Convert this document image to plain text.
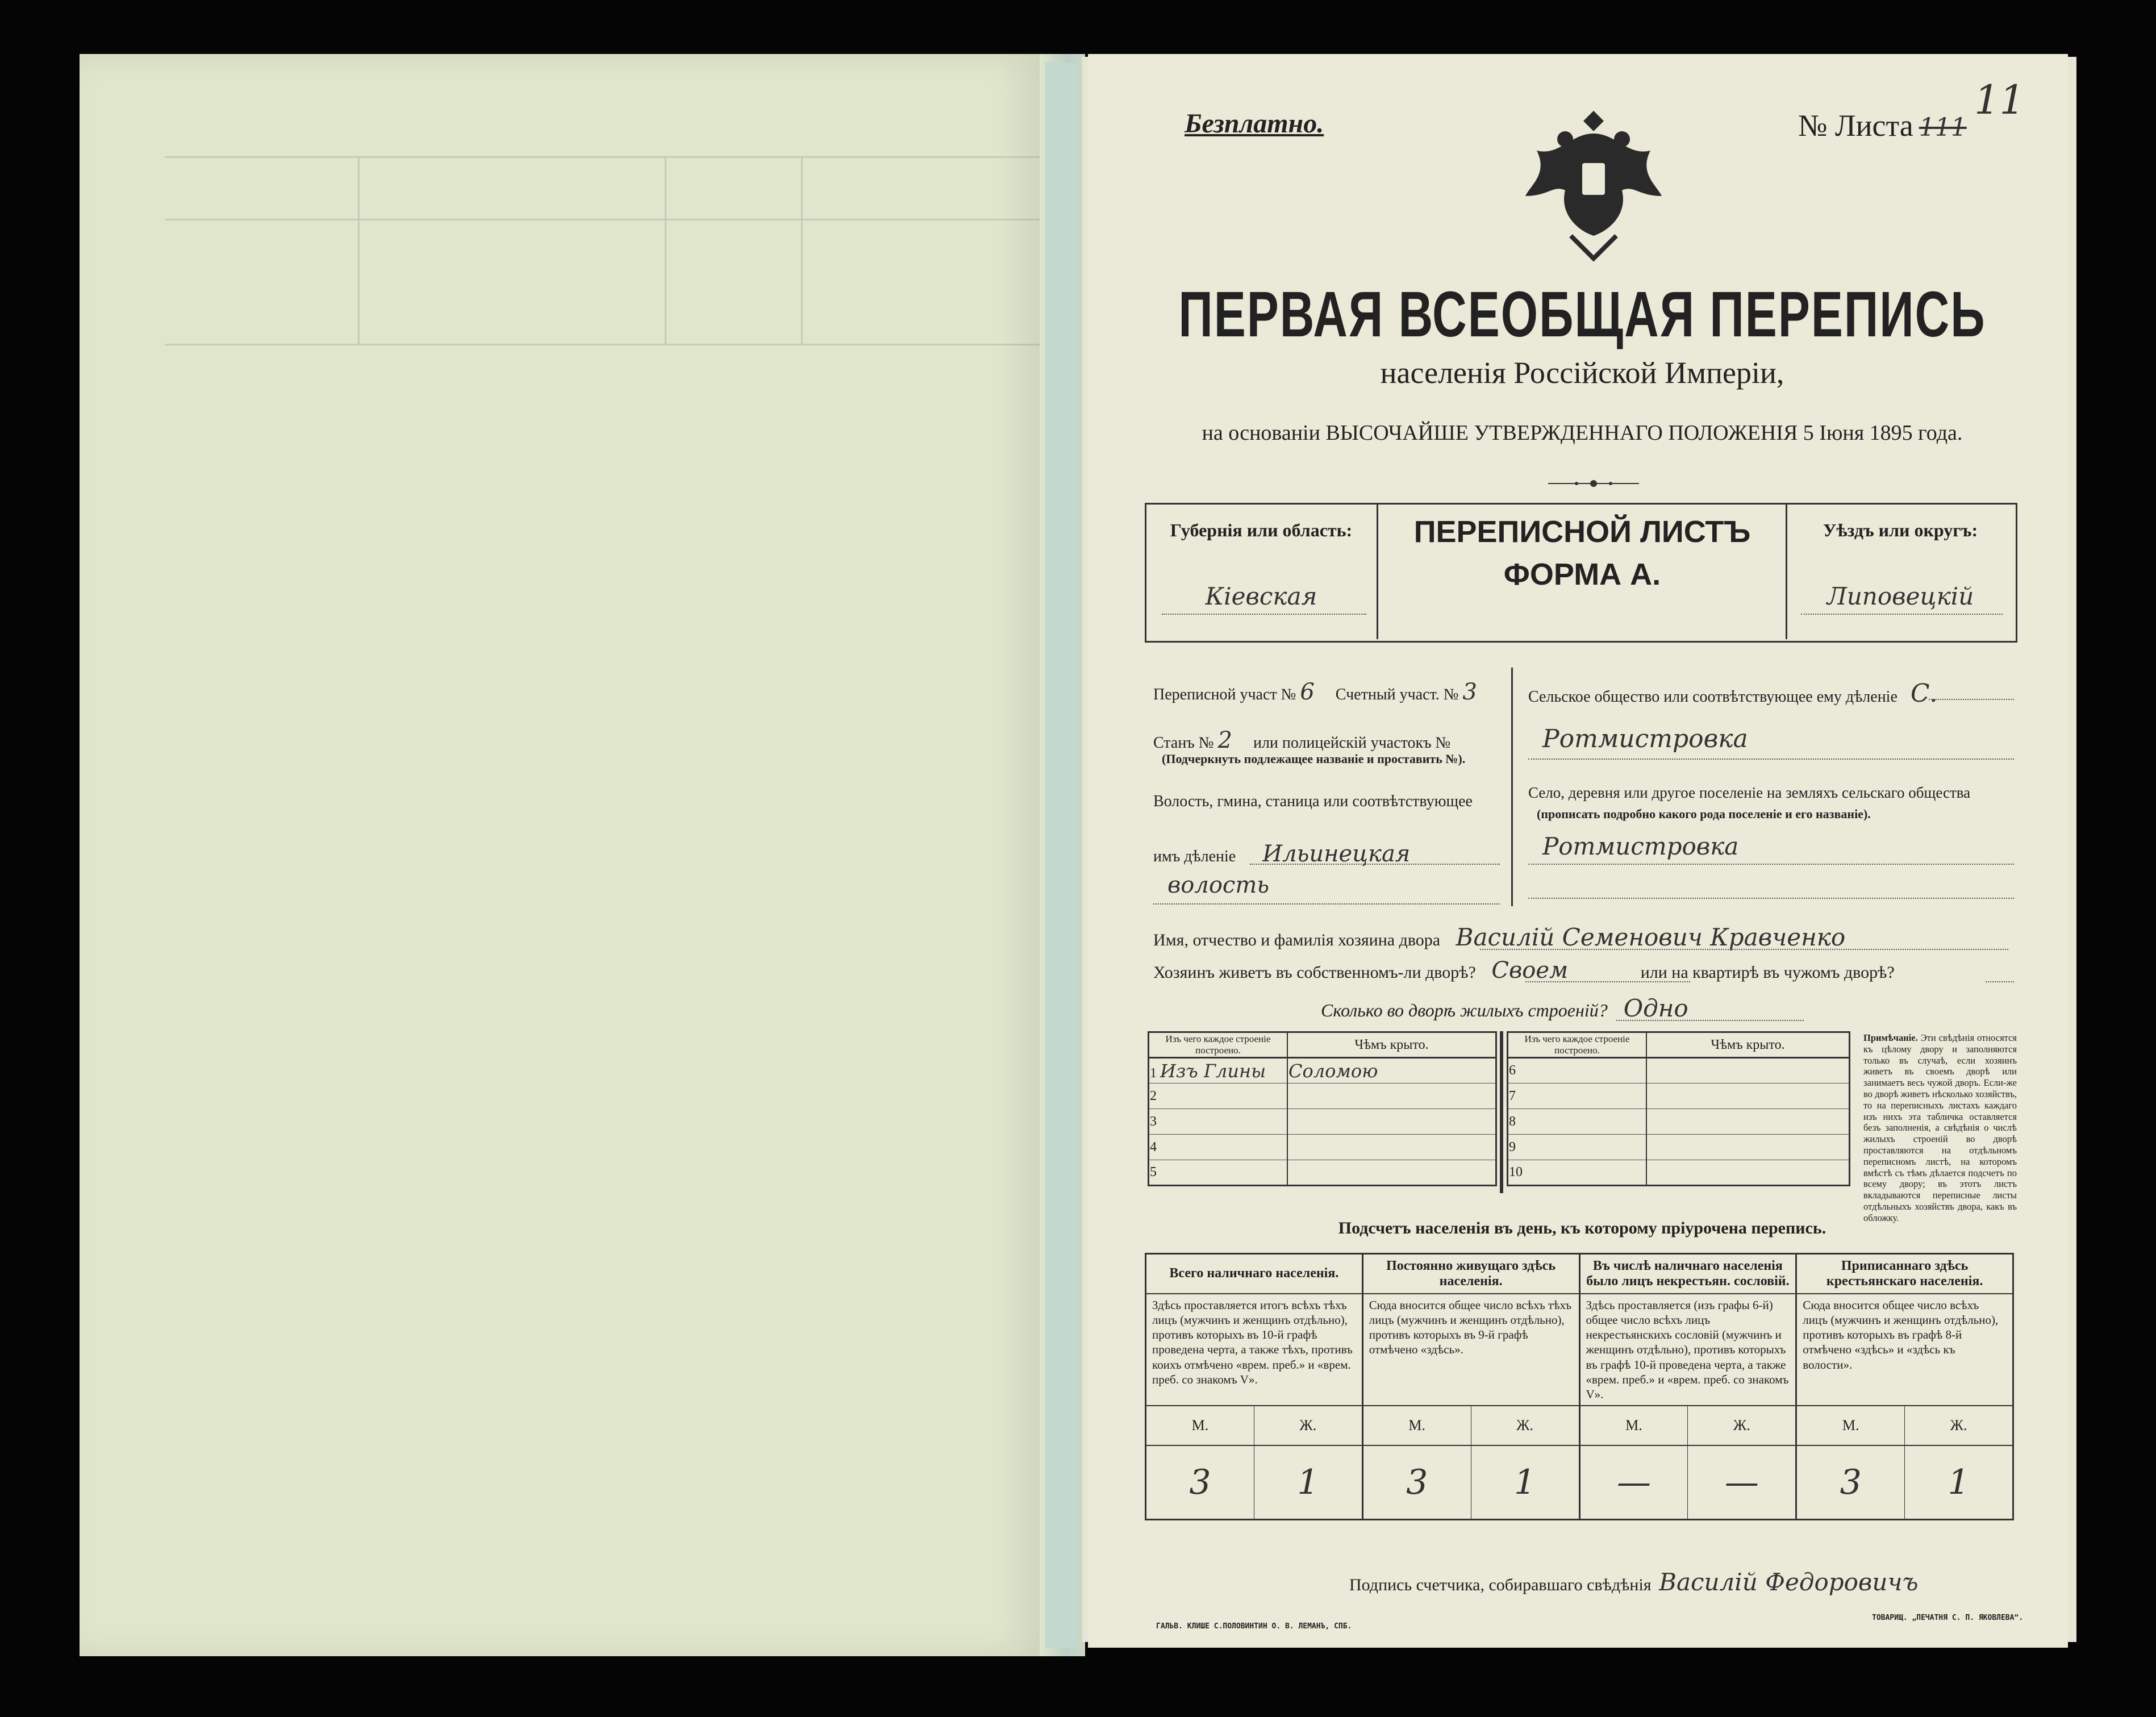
Безплатно.	№ Листа 111
11
ПЕРВАЯ ВСЕОБЩАЯ ПЕРЕПИСЬ
населенія Россійской Имперіи,
на основаніи ВЫСОЧАЙШЕ УТВЕРЖДЕННАГО ПОЛОЖЕНІЯ 5 Іюня 1895 года.
Губернія или область:
Кіевская
ПЕРЕПИСНОЙ ЛИСТЪ
ФОРМА А.
Уѣздъ или округъ:
Липовецкій
Переписной участ № 6 Счетный участ. № 3
Станъ № 2 или полицейскій участокъ №
(Подчеркнуть подлежащее названіе и проставить №).
Волость, гмина, станица или соотвѣтствующее
имъ дѣленіе Ильинецкая
волость
Сельское общество или соотвѣтствующее ему дѣленіе С.
Ротмистровка
Село, деревня или другое поселеніе на земляхъ сельскаго общества
(прописать подробно какого рода поселеніе и его названіе).
Ротмистровка
Имя, отчество и фамилія хозяина двора Василій Семенович Кравченко
Хозяинъ живетъ въ собственномъ-ли дворѣ? Своем	или на квартирѣ въ чужомъ дворѣ?
Сколько во дворѣ жилыхъ строеній? Одно
Изъ чего каждое строеніе построено.	Чѣмъ крыто.
1 Изъ Глины	Соломою
2	
3	
4	
5	
Изъ чего каждое строеніе построено.	Чѣмъ крыто.
6	
7	
8	
9	
10	
Примѣчаніе. Эти свѣдѣнія относятся къ цѣлому двору и заполняются только въ случаѣ, если хозяинъ живетъ въ своемъ дворѣ или занимаетъ весь чужой дворъ. Если-же во дворѣ живетъ нѣсколько хозяйствъ, то на переписныхъ листахъ каждаго изъ нихъ эта табличка оставляется безъ заполненія, а свѣдѣнія о числѣ жилыхъ строеній во дворѣ проставляются на отдѣльномъ переписномъ листѣ, на которомъ вмѣстѣ съ тѣмъ дѣлается подсчетъ по всему двору; въ этотъ листъ вкладываются переписные листы отдѣльныхъ хозяйствъ двора, какъ въ обложку.
Подсчетъ населенія въ день, къ которому пріурочена перепись.
Всего наличнаго населенія.		Постоянно живущаго здѣсь населенія.		Въ числѣ наличнаго населенія было лицъ некрестьян. сословій.		Приписаннаго здѣсь крестьянскаго населенія.	
Здѣсь проставляется итогъ всѣхъ тѣхъ лицъ (мужчинъ и женщинъ отдѣльно), противъ которыхъ въ 10-й графѣ проведена черта, а также тѣхъ, противъ коихъ отмѣчено «врем. преб.» и «врем. преб. со знакомъ V».		Сюда вносится общее число всѣхъ тѣхъ лицъ (мужчинъ и женщинъ отдѣльно), противъ которыхъ въ 9-й графѣ отмѣчено «здѣсь».		Здѣсь проставляется (изъ графы 6-й) общее число всѣхъ лицъ некрестьянскихъ сословій (мужчинъ и женщинъ отдѣльно), противъ которыхъ въ графѣ 10-й проведена черта, а также «врем. преб.» и «врем. преб. со знакомъ V».		Сюда вносится общее число всѣхъ лицъ (мужчинъ и женщинъ отдѣльно), противъ которыхъ въ графѣ 8-й отмѣчено «здѣсь» и «здѣсь къ волости».	
М.	Ж.	М.	Ж.	М.	Ж.	М.	Ж.
3	1	3	1	—	—	3	1
Подпись счетчика, собиравшаго свѣдѣнія Василій Федоровичъ
ГАЛЬВ. КЛИШЕ С.ПОЛОВИНТИН О. В. ЛЕМАНЪ, СПБ.
ТОВАРИЩ. „ПЕЧАТНЯ С. П. ЯКОВЛЕВА“.
